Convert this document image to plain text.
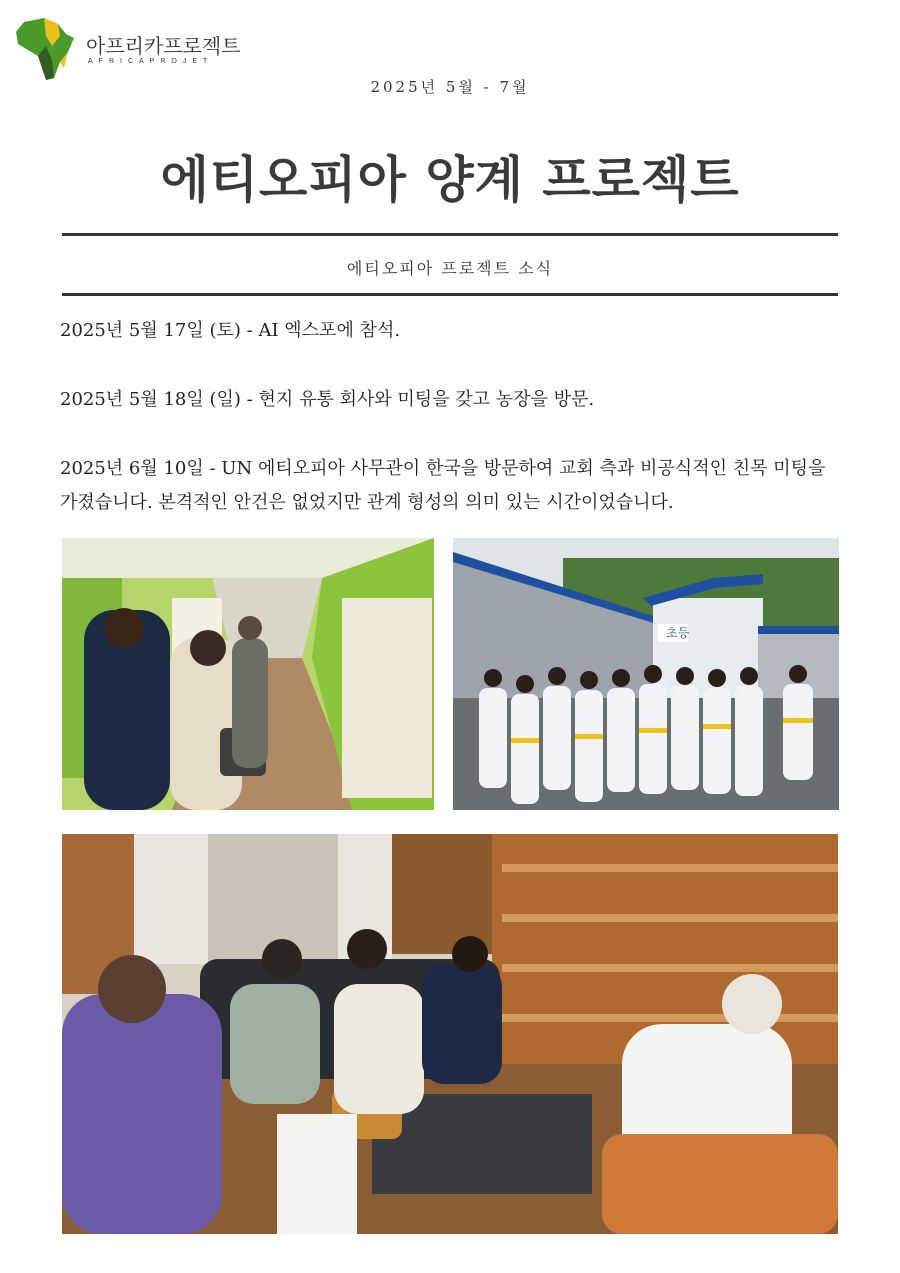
아프리카프로젝트
AFRICAPROJET
2025년 5월 - 7월
에티오피아 양계 프로젝트
에티오피아 프로젝트 소식
2025년 5월 17일 (토) - AI 엑스포에 참석.
2025년 5월 18일 (일) - 현지 유통 회사와 미팅을 갖고 농장을 방문.
2025년 6월 10일 - UN 에티오피아 사무관이 한국을 방문하여 교회 측과 비공식적인 친목 미팅을 가졌습니다. 본격적인 안건은 없었지만 관계 형성의 의미 있는 시간이었습니다.
초등
